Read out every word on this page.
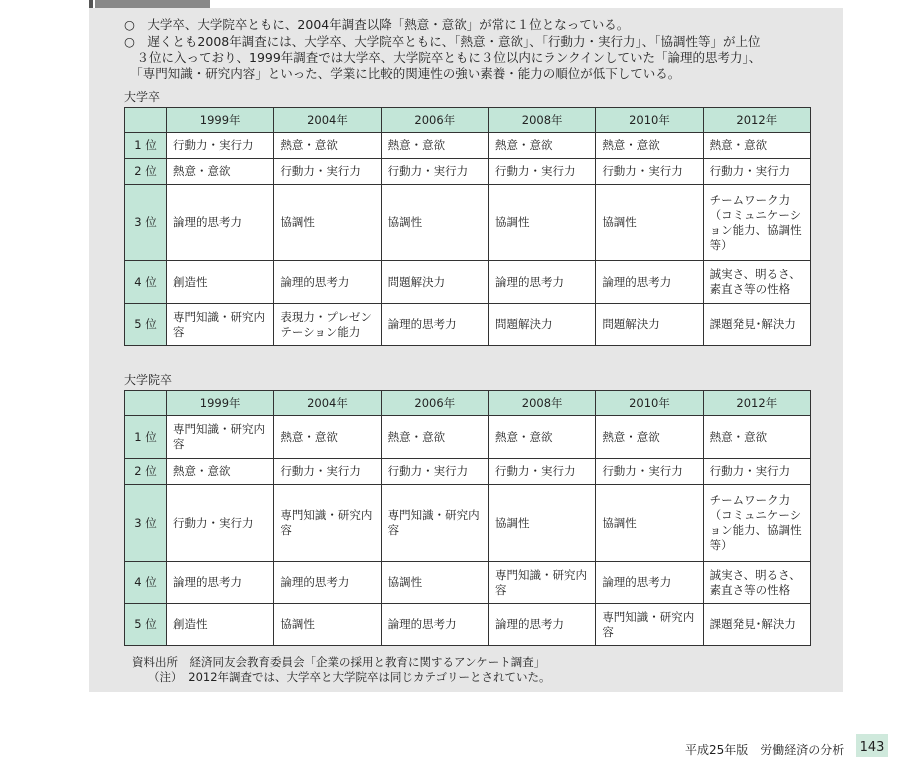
○　大学卒、大学院卒ともに、2004年調査以降「熱意・意欲」が常に１位となっている。
○　遅くとも2008年調査には、大学卒、大学院卒ともに、「熱意・意欲」、「行動力・実行力」、「協調性等」が上位
　３位に入っており、1999年調査では大学卒、大学院卒ともに３位以内にランクインしていた「論理的思考力」、
　「専門知識・研究内容」といった、学業に比較的関連性の強い素養・能力の順位が低下している。
大学卒
	1999年	2004年	2006年	2008年	2010年	2012年
1 位	行動力・実行力	熱意・意欲	熱意・意欲	熱意・意欲	熱意・意欲	熱意・意欲
2 位	熱意・意欲	行動力・実行力	行動力・実行力	行動力・実行力	行動力・実行力	行動力・実行力
3 位	論理的思考力	協調性	協調性	協調性	協調性	チームワーク力（コミュニケーション能力、協調性等）
4 位	創造性	論理的思考力	問題解決力	論理的思考力	論理的思考力	誠実さ、明るさ、素直さ等の性格
5 位	専門知識・研究内容	表現力・プレゼンテーション能力	論理的思考力	問題解決力	問題解決力	課題発見･解決力
大学院卒
	1999年	2004年	2006年	2008年	2010年	2012年
1 位	専門知識・研究内容	熱意・意欲	熱意・意欲	熱意・意欲	熱意・意欲	熱意・意欲
2 位	熱意・意欲	行動力・実行力	行動力・実行力	行動力・実行力	行動力・実行力	行動力・実行力
3 位	行動力・実行力	専門知識・研究内容	専門知識・研究内容	協調性	協調性	チームワーク力（コミュニケーション能力、協調性等）
4 位	論理的思考力	論理的思考力	協調性	専門知識・研究内容	論理的思考力	誠実さ、明るさ、素直さ等の性格
5 位	創造性	協調性	論理的思考力	論理的思考力	専門知識・研究内容	課題発見･解決力
資料出所　経済同友会教育委員会「企業の採用と教育に関するアンケート調査」
（注）　2012年調査では、大学卒と大学院卒は同じカテゴリーとされていた。
平成25年版　労働経済の分析 143
